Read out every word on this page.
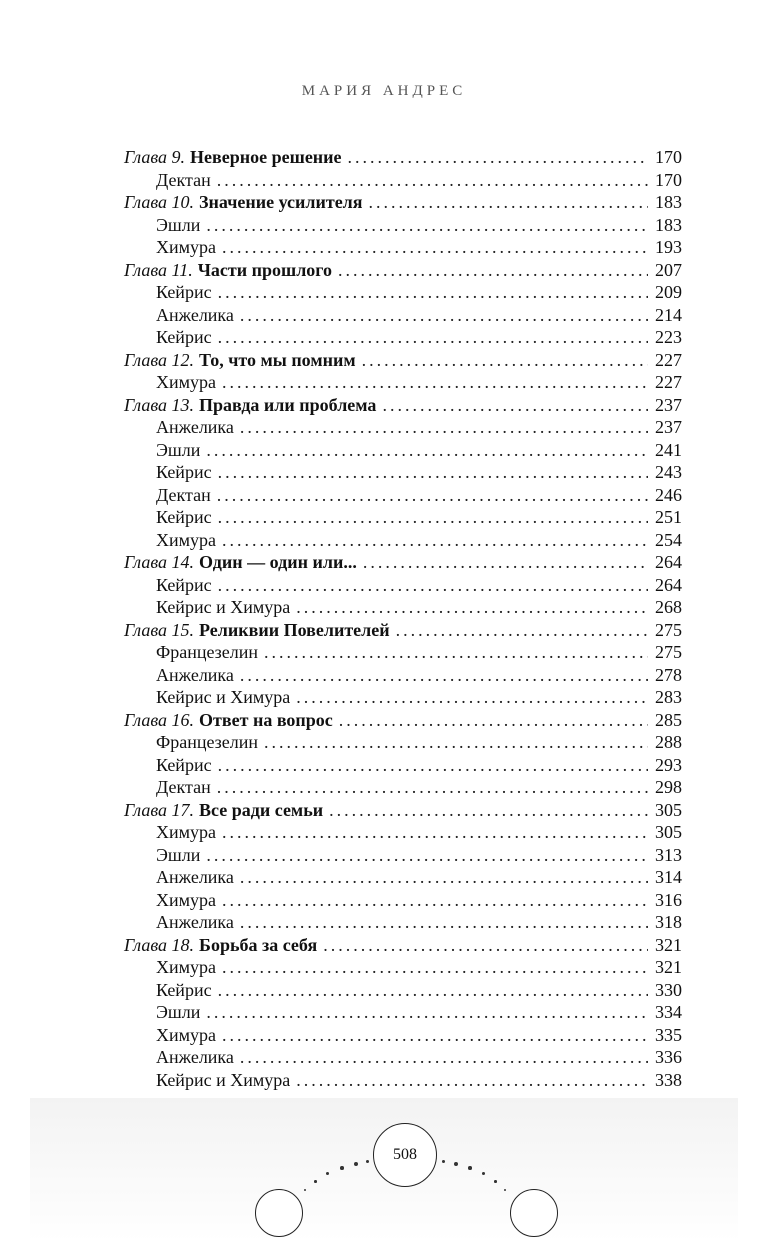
МАРИЯ АНДРЕС
Глава 9. Неверное решение . . .	170
Дектан . . .	170
Глава 10. Значение усилителя . . .	183
Эшли . . .	183
Химура . . .	193
Глава 11. Части прошлого . . .	207
Кейрис . . .	209
Анжелика . . .	214
Кейрис . . .	223
Глава 12. То, что мы помним . . .	227
Химура . . .	227
Глава 13. Правда или проблема . . .	237
Анжелика . . .	237
Эшли . . .	241
Кейрис . . .	243
Дектан . . .	246
Кейрис . . .	251
Химура . . .	254
Глава 14. Один — один или... . . .	264
Кейрис . . .	264
Кейрис и Химура . . .	268
Глава 15. Реликвии Повелителей . . .	275
Францезелин . . .	275
Анжелика . . .	278
Кейрис и Химура . . .	283
Глава 16. Ответ на вопрос . . .	285
Францезелин . . .	288
Кейрис . . .	293
Дектан . . .	298
Глава 17. Все ради семьи . . .	305
Химура . . .	305
Эшли . . .	313
Анжелика . . .	314
Химура . . .	316
Анжелика . . .	318
Глава 18. Борьба за себя . . .	321
Химура . . .	321
Кейрис . . .	330
Эшли . . .	334
Химура . . .	335
Анжелика . . .	336
Кейрис и Химура . . .	338
508
